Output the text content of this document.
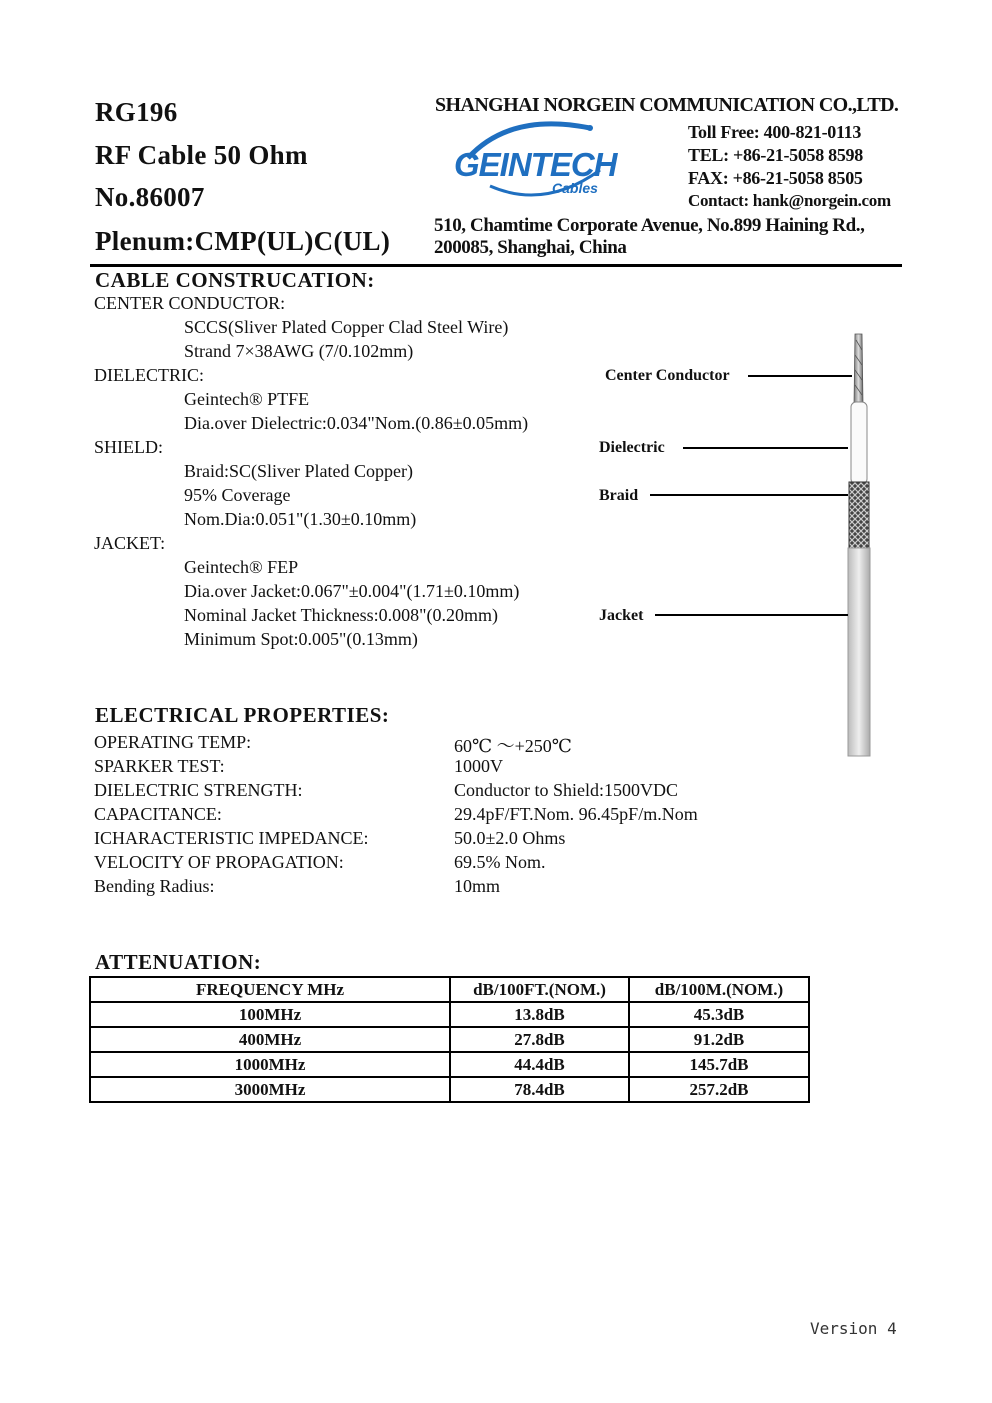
RG196
RF Cable 50 Ohm
No.86007
Plenum:CMP(UL)C(UL)
SHANGHAI NORGEIN COMMUNICATION CO.,LTD.
GEINTECH
Cables
Toll Free: 400-821-0113
TEL: +86-21-5058 8598
FAX: +86-21-5058 8505
Contact: hank@norgein.com
510, Chamtime Corporate Avenue, No.899 Haining Rd.,
200085, Shanghai, China
CABLE CONSTRUCATION:
CENTER CONDUCTOR:
SCCS(Sliver Plated Copper Clad Steel Wire)
Strand 7×38AWG (7/0.102mm)
DIELECTRIC:
Geintech® PTFE
Dia.over Dielectric:0.034"Nom.(0.86±0.05mm)
SHIELD:
Braid:SC(Sliver Plated Copper)
95% Coverage
Nom.Dia:0.051"(1.30±0.10mm)
JACKET:
Geintech® FEP
Dia.over Jacket:0.067"±0.004"(1.71±0.10mm)
Nominal Jacket Thickness:0.008"(0.20mm)
Minimum Spot:0.005"(0.13mm)
Center Conductor
Dielectric
Braid
Jacket
ELECTRICAL PROPERTIES:
OPERATING TEMP:	60℃ ～+250℃
SPARKER TEST:	1000V
DIELECTRIC STRENGTH:	Conductor to Shield:1500VDC
CAPACITANCE:	29.4pF/FT.Nom. 96.45pF/m.Nom
ICHARACTERISTIC IMPEDANCE:	50.0±2.0 Ohms
VELOCITY OF PROPAGATION:	69.5% Nom.
Bending Radius:	10mm
ATTENUATION:
FREQUENCY MHz	dB/100FT.(NOM.)	dB/100M.(NOM.)
100MHz	13.8dB	45.3dB
400MHz	27.8dB	91.2dB
1000MHz	44.4dB	145.7dB
3000MHz	78.4dB	257.2dB
Version 4
